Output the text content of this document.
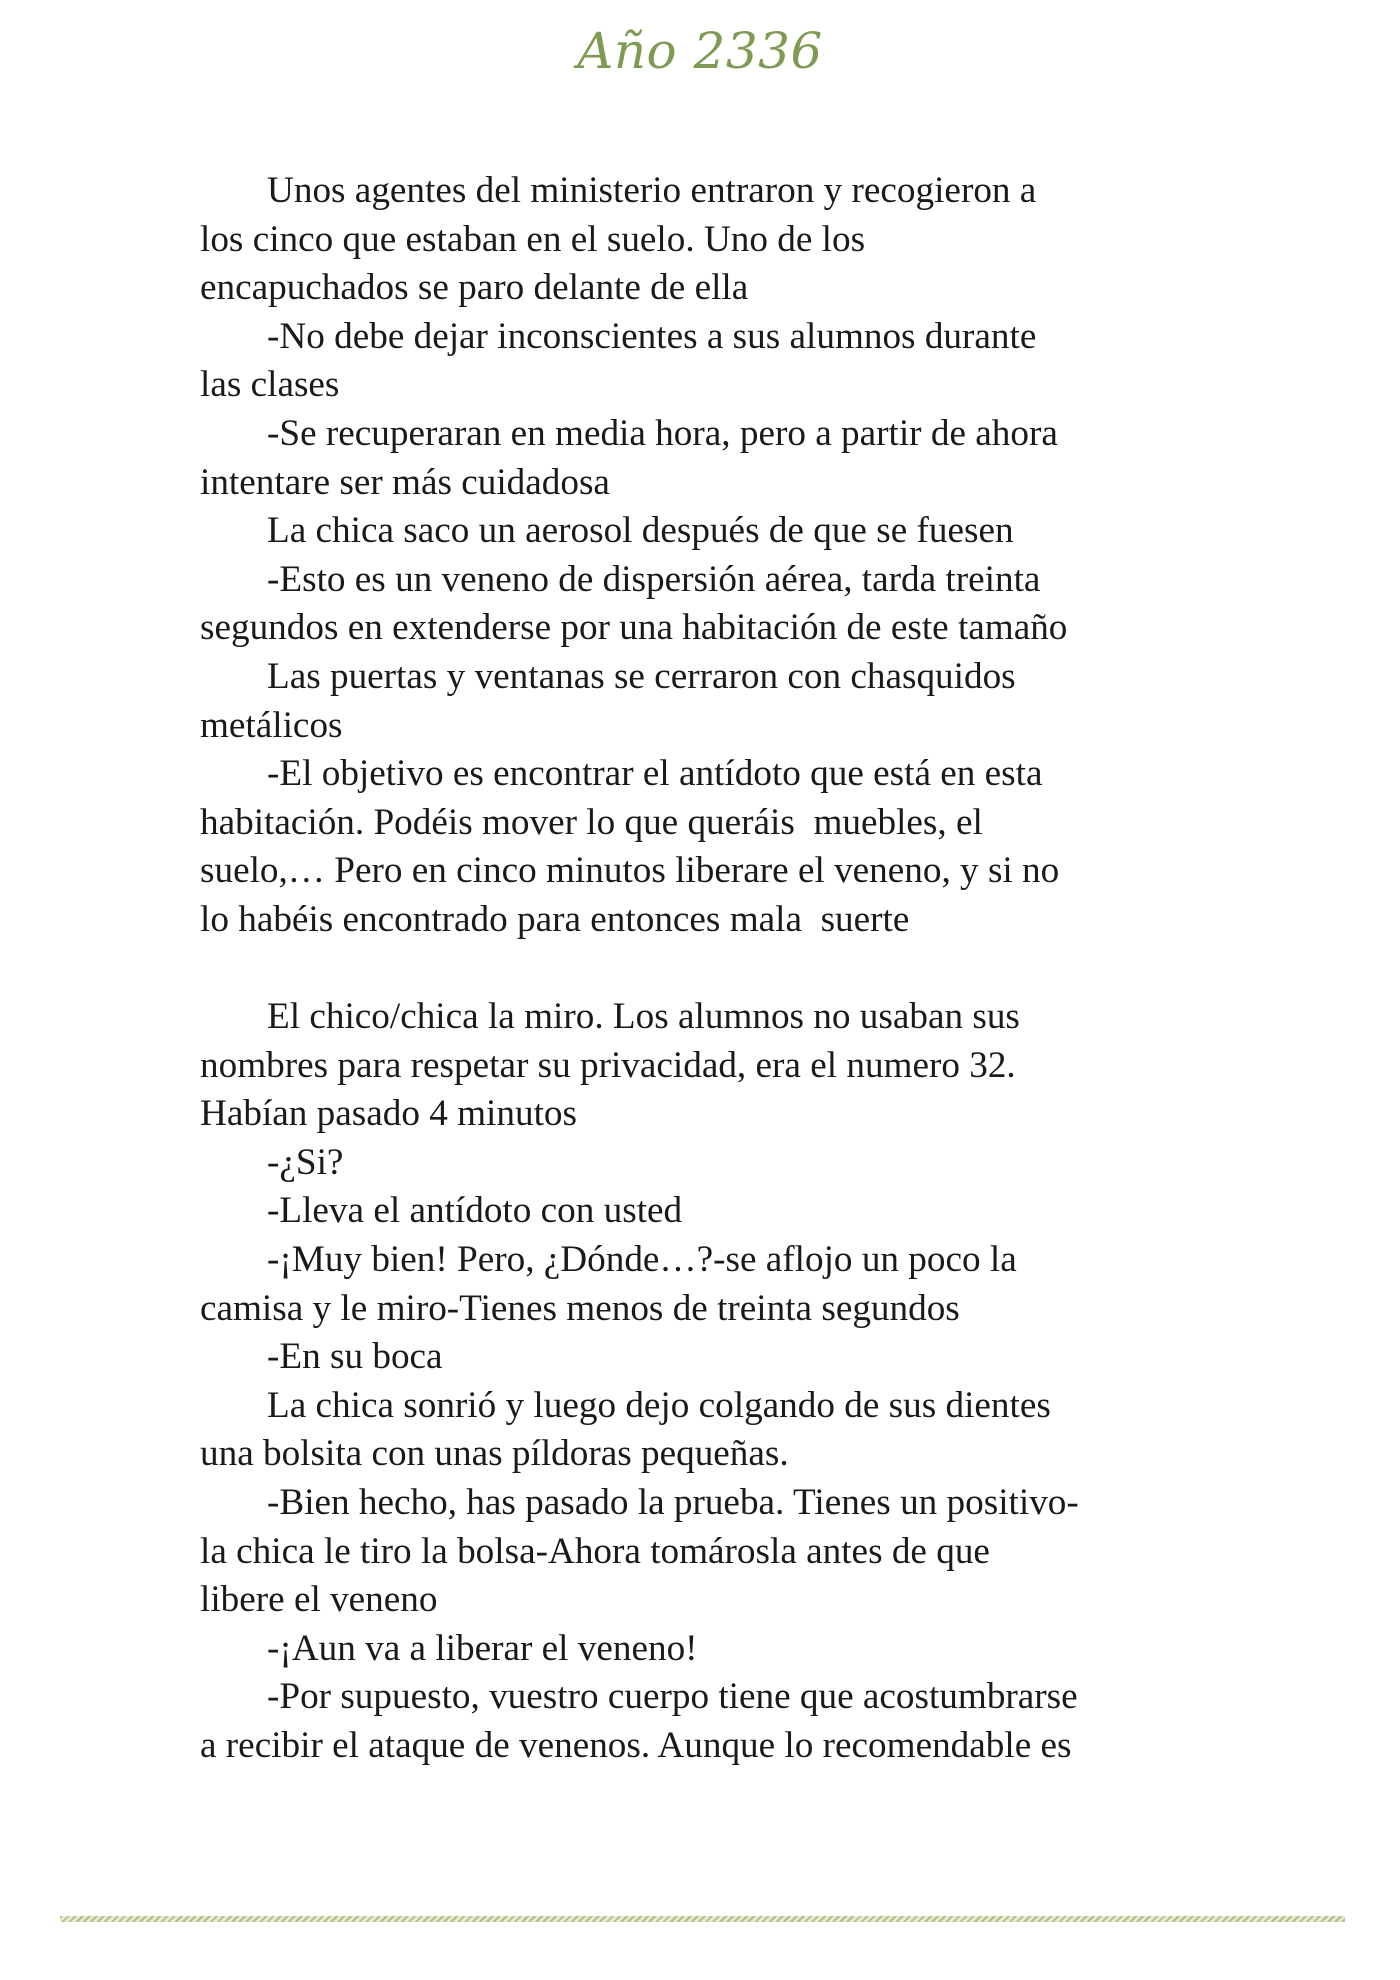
Año 2336
Unos agentes del ministerio entraron y recogieron a
los cinco que estaban en el suelo. Uno de los
encapuchados se paro delante de ella
-No debe dejar inconscientes a sus alumnos durante
las clases
-Se recuperaran en media hora, pero a partir de ahora
intentare ser más cuidadosa
La chica saco un aerosol después de que se fuesen
-Esto es un veneno de dispersión aérea, tarda treinta
segundos en extenderse por una habitación de este tamaño
Las puertas y ventanas se cerraron con chasquidos
metálicos
-El objetivo es encontrar el antídoto que está en esta
habitación. Podéis mover lo que queráis  muebles, el
suelo,… Pero en cinco minutos liberare el veneno, y si no
lo habéis encontrado para entonces mala  suerte
El chico/chica la miro. Los alumnos no usaban sus
nombres para respetar su privacidad, era el numero 32.
Habían pasado 4 minutos
-¿Si?
-Lleva el antídoto con usted
-¡Muy bien! Pero, ¿Dónde…?-se aflojo un poco la
camisa y le miro-Tienes menos de treinta segundos
-En su boca
La chica sonrió y luego dejo colgando de sus dientes
una bolsita con unas píldoras pequeñas.
-Bien hecho, has pasado la prueba. Tienes un positivo-
la chica le tiro la bolsa-Ahora tomárosla antes de que
libere el veneno
-¡Aun va a liberar el veneno!
-Por supuesto, vuestro cuerpo tiene que acostumbrarse
a recibir el ataque de venenos. Aunque lo recomendable es
